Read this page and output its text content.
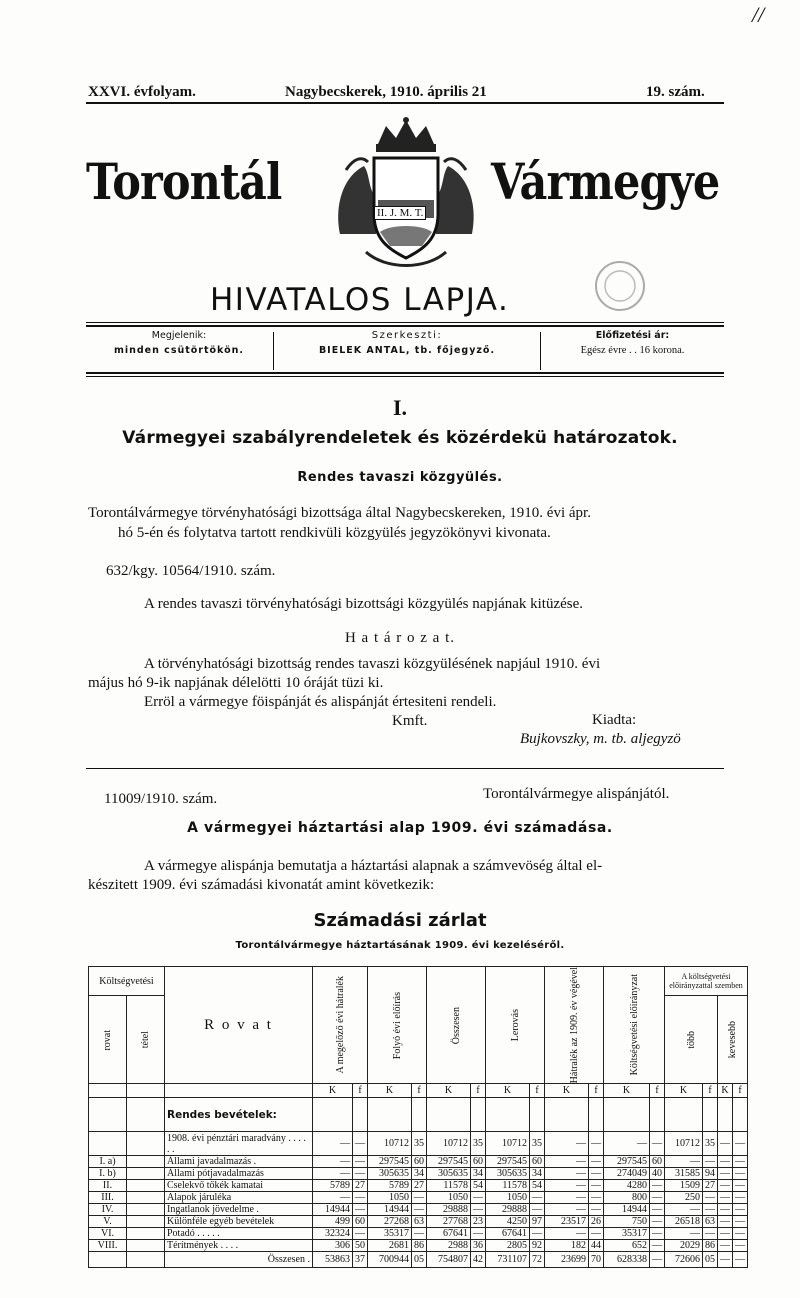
//
XXVI. évfolyam.	Nagybecskerek, 1910. április 21	19. szám.
Torontál	Vármegye
II. J. M. T.
HIVATALOS LAPJA.
Megjelenik:
minden csütörtökön.
Szerkeszti:
BIELEK ANTAL, tb. főjegyző.
Előfizetési ár:
Egész évre . . 16 korona.
I.
Vármegyei szabályrendeletek és közérdekü határozatok.
Rendes tavaszi közgyülés.
Torontálvármegye törvényhatósági bizottsága által Nagybecskereken, 1910. évi ápr.
hó 5-én és folytatva tartott rendkivüli közgyülés jegyzökönyvi kivonata.
632/kgy. 10564/1910. szám.
A rendes tavaszi törvényhatósági bizottsági közgyülés napjának kitüzése.
H a t á r o z a t.
A törvényhatósági bizottság rendes tavaszi közgyülésének napjául 1910. évi
május hó 9-ik napjának délelötti 10 óráját tüzi ki.
Erröl a vármegye föispánját és alispánját értesiteni rendeli.
Kmft.	Kiadta:
Bujkovszky, m. tb. aljegyzö
11009/1910. szám.	Torontálvármegye alispánjától.
A vármegyei háztartási alap 1909. évi számadása.
A vármegye alispánja bemutatja a háztartási alapnak a számvevöség által el-
készitett 1909. évi számadási kivonatát amint következik:
Számadási zárlat
Torontálvármegye háztartásának 1909. évi kezeléséről.
Költségvetési		R o v a t	A megelőző évi hátralék		Folyó évi előírás		Összesen		Lerovás		Hátralék az 1909. év végével		Költségvetési előirányzat		A költségvetési előirányzattal szemben			

rovat	tétel														több		kevesebb	

			K	f	K	f	K	f	K	f	K	f	K	f	K	f	K	f
		Rendes bevételek:																
		1908. évi pénztári maradvány . . . . . .	—	—	10712	35	10712	35	10712	35	—	—	—	—	10712	35	—	—
I. a)		Állami javadalmazás .	—	—	297545	60	297545	60	297545	60	—	—	297545	60	—	—	—	—
I. b)		Állami pótjavadalmazás	—	—	305635	34	305635	34	305635	34	—	—	274049	40	31585	94	—	—
II.		Cselekvő tőkék kamatai	5789	27	5789	27	11578	54	11578	54	—	—	4280	—	1509	27	—	—
III.		Alapok járuléka	—	—	1050	—	1050	—	1050	—	—	—	800	—	250	—	—	—
IV.		Ingatlanok jövedelme .	14944	—	14944	—	29888	—	29888	—	—	—	14944	—	—	—	—	—
V.		Különféle egyéb bevételek	499	60	27268	63	27768	23	4250	97	23517	26	750	—	26518	63	—	—
VI.		Potadó . . . . .	32324	—	35317	—	67641	—	67641	—	—	—	35317	—	—	—	—	—
VIII.		Térítmények . . . .	306	50	2681	86	2988	36	2805	92	182	44	652	—	2029	86	—	—
		Összesen .	53863	37	700944	05	754807	42	731107	72	23699	70	628338	—	72606	05	—	—
